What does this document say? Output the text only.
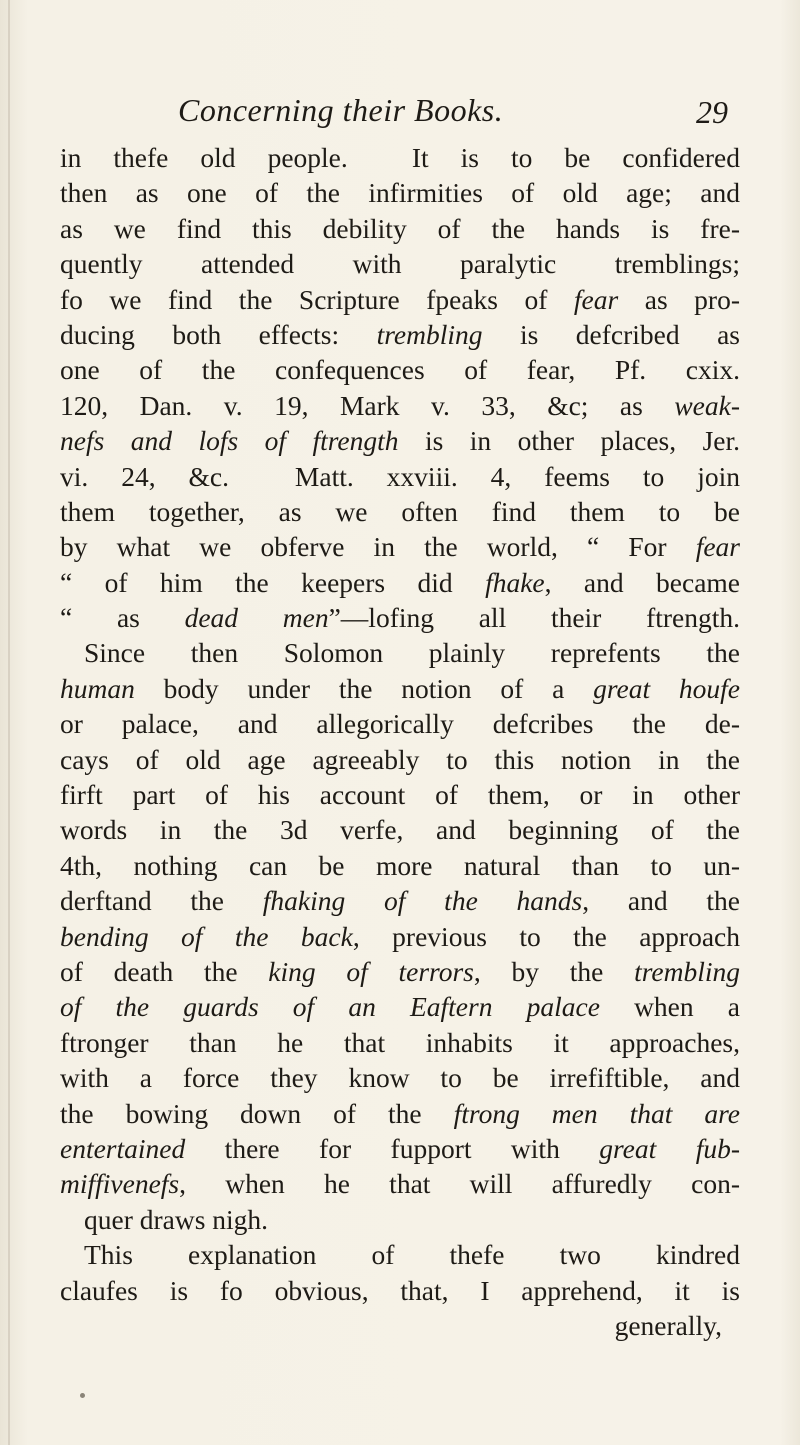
Concerning their Books.	29
in thefe old people.  It is to be confidered
then as one of the infirmities of old age; and
as we find this debility of the hands is fre-
quently attended with paralytic tremblings;
fo we find the Scripture fpeaks of fear as pro-
ducing both effects: trembling is defcribed as
one of the confequences of fear, Pf. cxix.
120, Dan. v. 19, Mark v. 33, &c; as weak-
nefs and lofs of ftrength is in other places, Jer.
vi. 24, &c.  Matt. xxviii. 4, feems to join
them together, as we often find them to be
by what we obferve in the world, “ For fear
“ of him the keepers did fhake, and became
“ as dead men”—lofing all their ftrength.
Since then Solomon plainly reprefents the
human body under the notion of a great houfe
or palace, and allegorically defcribes the de-
cays of old age agreeably to this notion in the
firft part of his account of them, or in other
words in the 3d verfe, and beginning of the
4th, nothing can be more natural than to un-
derftand the fhaking of the hands, and the
bending of the back, previous to the approach
of death the king of terrors, by the trembling
of the guards of an Eaftern palace when a
ftronger than he that inhabits it approaches,
with a force they know to be irrefiftible, and
the bowing down of the ftrong men that are
entertained there for fupport with great fub-
miffivenefs, when he that will affuredly con-
quer draws nigh.
This explanation of thefe two kindred
claufes is fo obvious, that, I apprehend, it is
generally,
